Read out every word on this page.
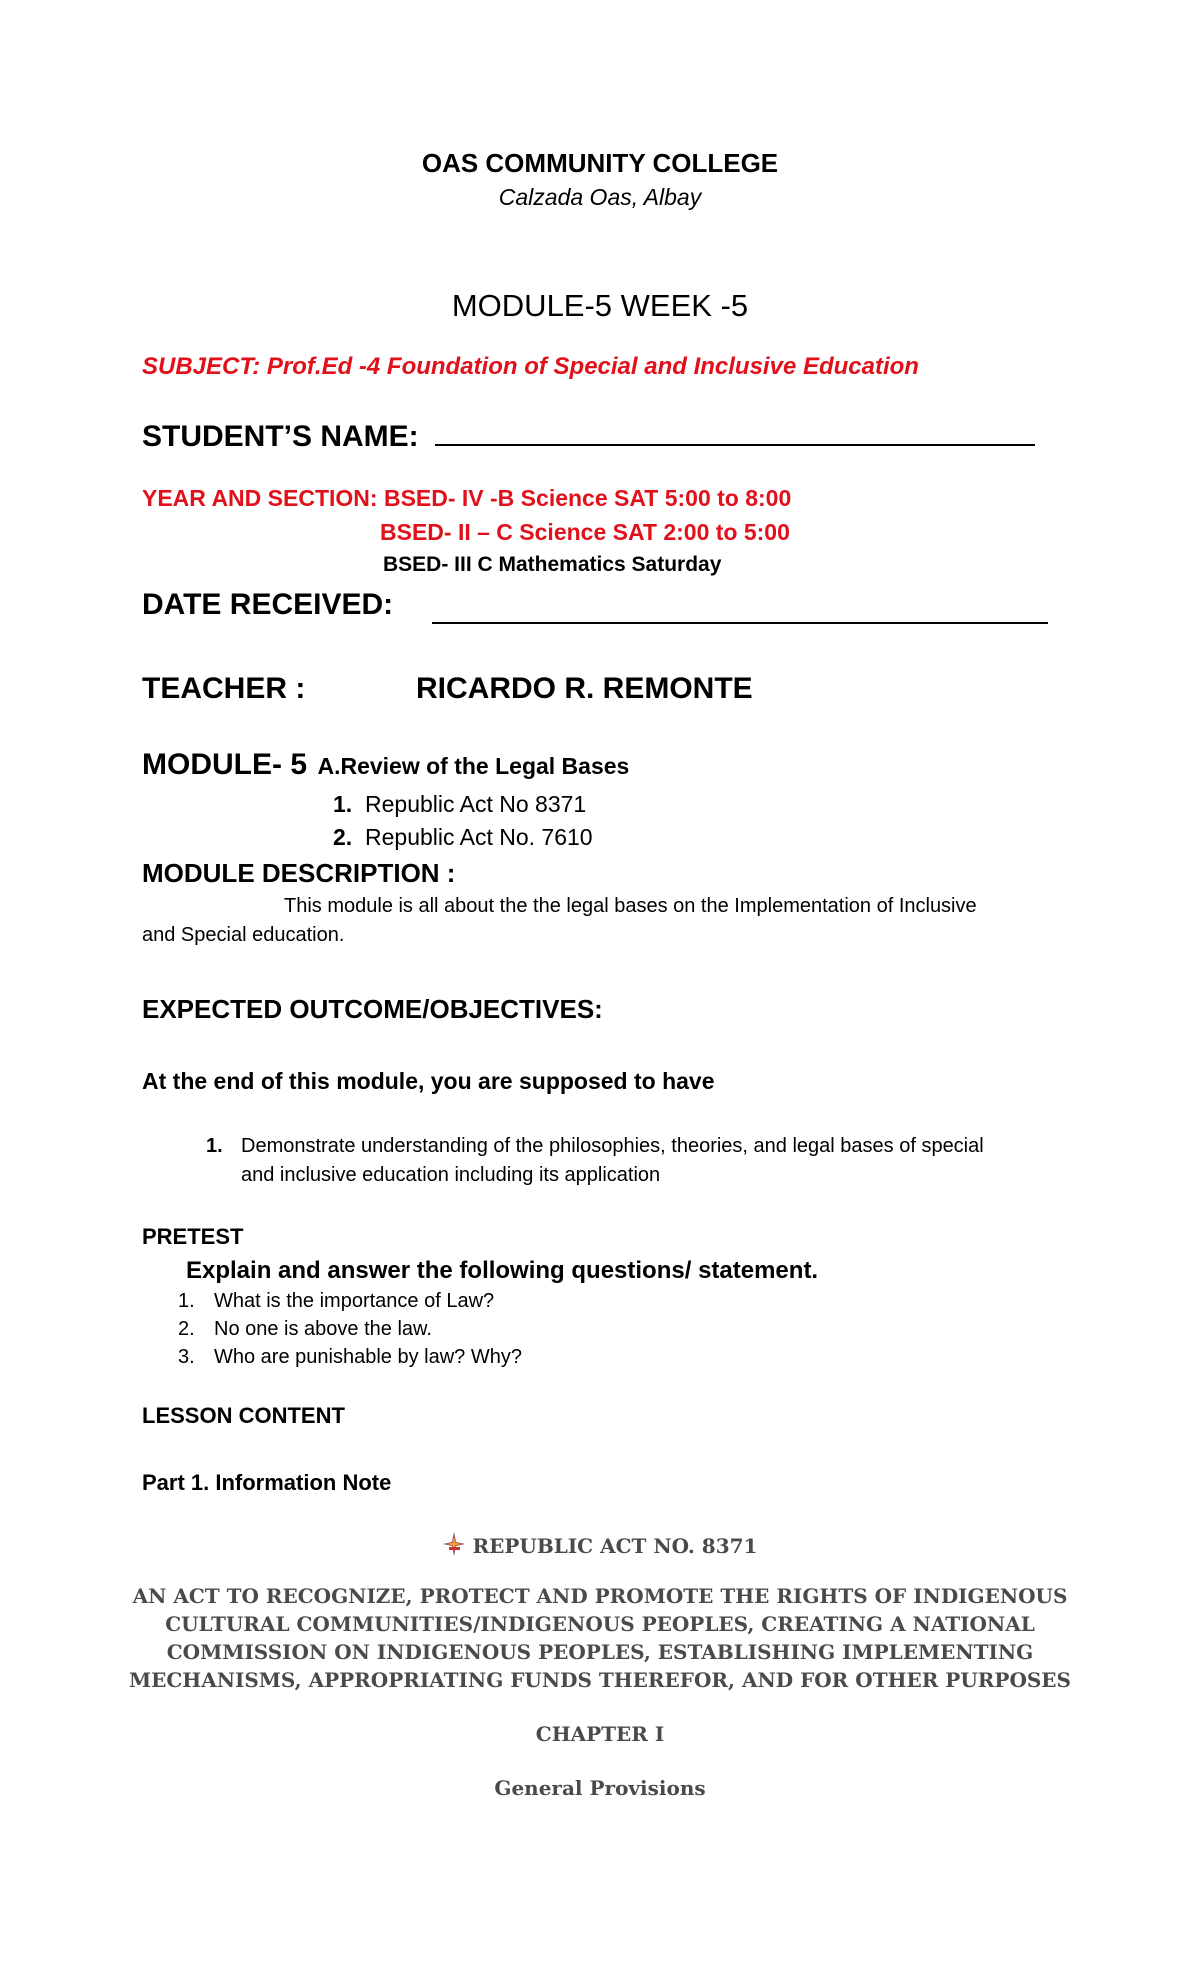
OAS COMMUNITY COLLEGE
Calzada Oas, Albay
MODULE-5 WEEK -5
SUBJECT: Prof.Ed -4 Foundation of Special and Inclusive Education
STUDENT’S NAME:
YEAR AND SECTION: BSED- IV -B Science SAT 5:00 to 8:00
BSED- II – C Science SAT 2:00 to 5:00
BSED- III C Mathematics Saturday
DATE RECEIVED:
TEACHER :	RICARDO R. REMONTE
MODULE- 5 A.Review of the Legal Bases
1. Republic Act No 8371
2. Republic Act No. 7610
MODULE DESCRIPTION :
This module is all about the the legal bases on the Implementation of Inclusive
and Special education.
EXPECTED OUTCOME/OBJECTIVES:
At the end of this module, you are supposed to have
1. Demonstrate understanding of the philosophies, theories, and legal bases of special
and inclusive education including its application
PRETEST
Explain and answer the following questions/ statement.
1. What is the importance of Law?
2. No one is above the law.
3. Who are punishable by law? Why?
LESSON CONTENT
Part 1. Information Note
REPUBLIC ACT NO. 8371
AN ACT TO RECOGNIZE, PROTECT AND PROMOTE THE RIGHTS OF INDIGENOUS
CULTURAL COMMUNITIES/INDIGENOUS PEOPLES, CREATING A NATIONAL
COMMISSION ON INDIGENOUS PEOPLES, ESTABLISHING IMPLEMENTING
MECHANISMS, APPROPRIATING FUNDS THEREFOR, AND FOR OTHER PURPOSES
CHAPTER I
General Provisions
